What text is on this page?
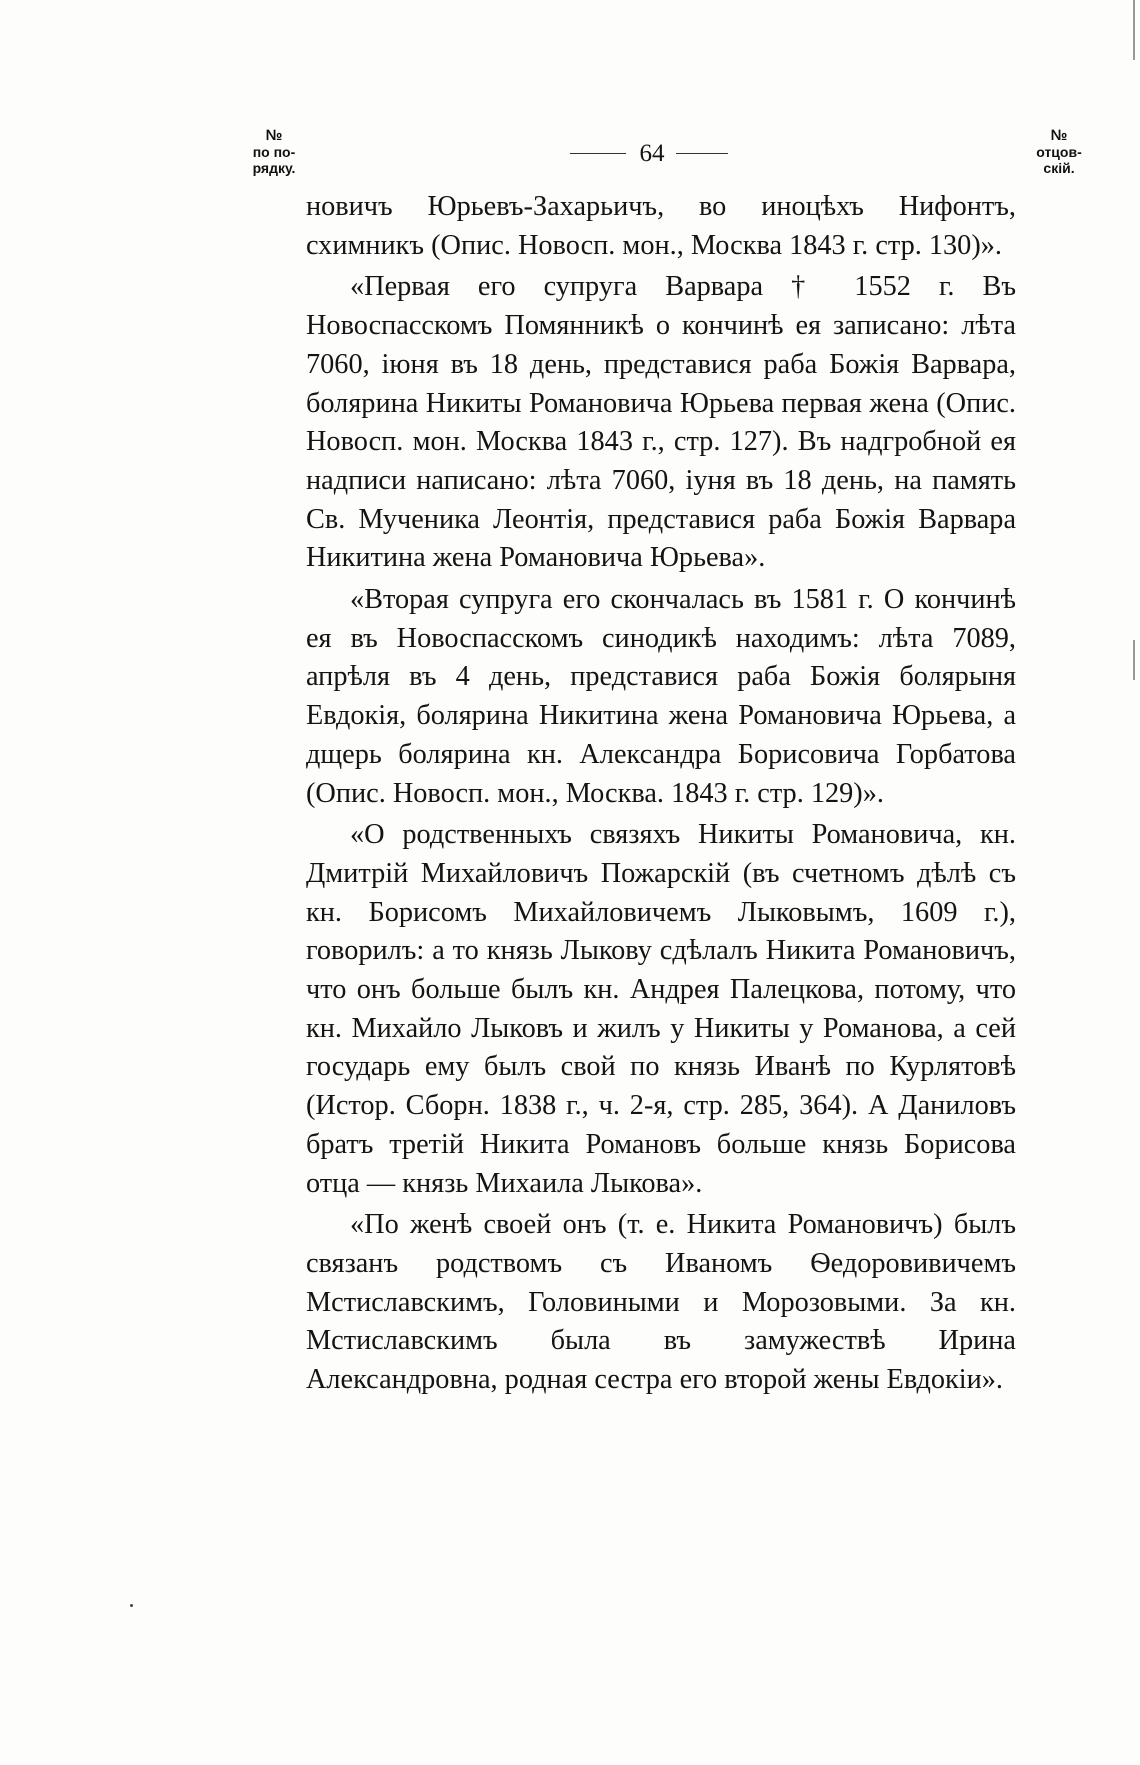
№
по по-
рядку.
64
№
отцов-
скій.

новичъ Юрьевъ-Захарьичъ, во иноцѣхъ Нифонтъ, схимникъ (Опис. Новосп. мон., Москва 1843 г. стр. 130)».

«Первая его супруга Варвара † 1552 г. Въ Новоспасскомъ Помянникѣ о кончинѣ ея записано: лѣта 7060, іюня въ 18 день, представися раба Божія Варвара, болярина Никиты Романовича Юрьева первая жена (Опис. Новосп. мон. Москва 1843 г., стр. 127). Въ надгробной ея надписи написано: лѣта 7060, іуня въ 18 день, на память Св. Мученика Леонтія, представися раба Божія Варвара Никитина жена Романовича Юрьева».

«Вторая супруга его скончалась въ 1581 г. О кончинѣ ея въ Новоспасскомъ синодикѣ находимъ: лѣта 7089, апрѣля въ 4 день, представися раба Божія болярыня Евдокія, болярина Никитина жена Романовича Юрьева, а дщерь болярина кн. Александра Борисовича Горбатова (Опис. Новосп. мон., Москва. 1843 г. стр. 129)».

«О родственныхъ связяхъ Никиты Романовича, кн. Дмитрій Михайловичъ Пожарскій (въ счетномъ дѣлѣ съ кн. Борисомъ Михайловичемъ Лыковымъ, 1609 г.), говорилъ: а то князь Лыкову сдѣлалъ Никита Романовичъ, что онъ больше былъ кн. Андрея Палецкова, потому, что кн. Михайло Лыковъ и жилъ у Никиты у Романова, а сей государь ему былъ свой по князь Иванѣ по Курлятовѣ (Истор. Сборн. 1838 г., ч. 2-я, стр. 285, 364). А Даниловъ братъ третій Никита Романовъ больше князь Борисова отца — князь Михаила Лыкова».

«По женѣ своей онъ (т. е. Никита Романовичъ) былъ связанъ родствомъ съ Иваномъ Ѳедоровивичемъ Мстиславскимъ, Головиными и Морозовыми. За кн. Мстиславскимъ была въ замужествѣ Ирина Александровна, родная сестра его второй жены Евдокіи».
